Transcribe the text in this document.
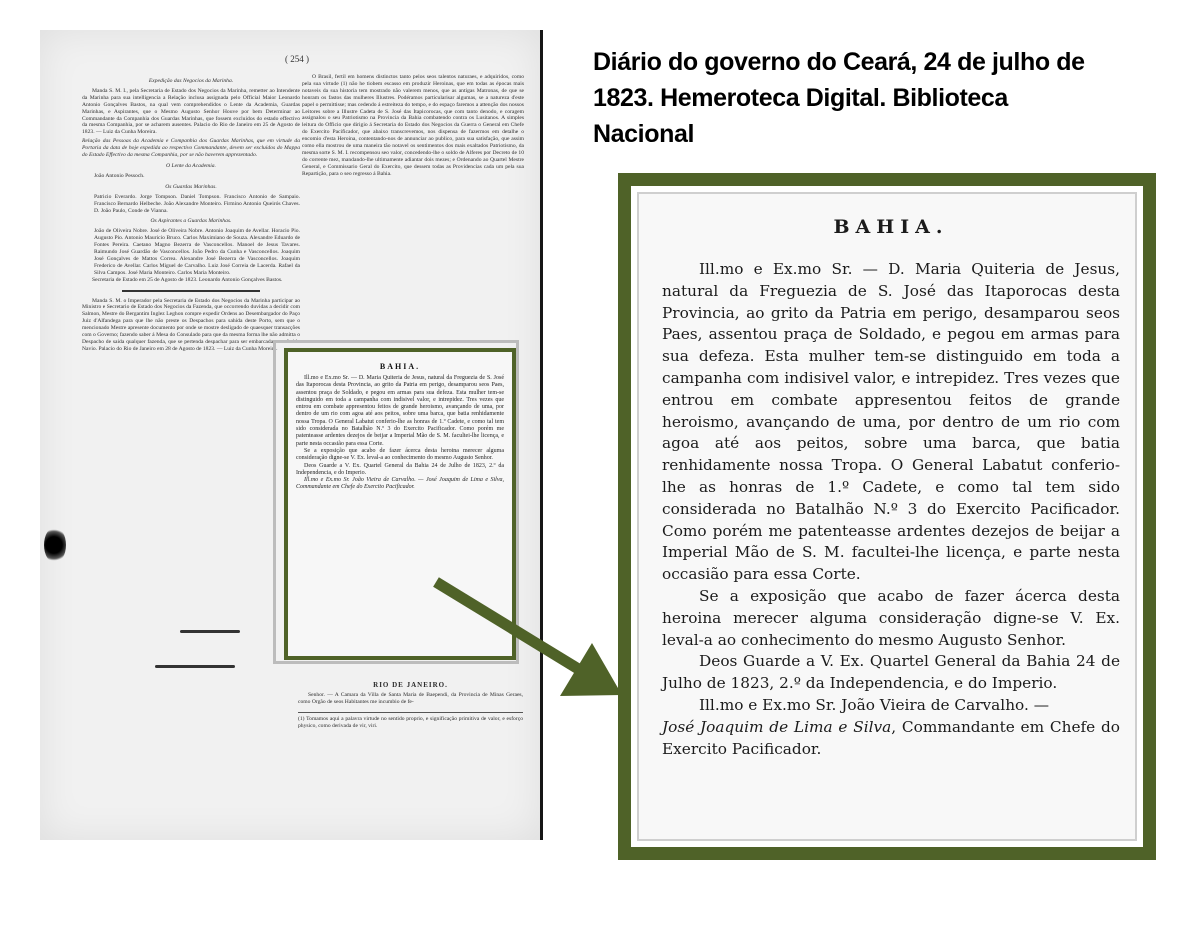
( 254 )
Expedição das Negocios da Marinha.
Manda S. M. I., pela Secretaria de Estado dos Negocios da Marinha, remetter ao Intendente da Marinha para sua intelligencia a Relação inclusa assignada pelo Official Maior Leonardo Antonio Gonçalves Bastos, na qual vem comprehendidos o Lente da Academia, Guardas Marinhas, e Aspirantes, que o Mesmo Augusto Senhor Houve por bem Determinar ao Commandante da Companhia dos Guardas Marinhas, que fossem excluidos do estado effectivo da mesma Companhia, por se acharem ausentes. Palacio do Rio de Janeiro em 25 de Agosto de 1823. — Luiz da Cunha Moreira.
Relação das Pessoas da Academia e Companhia dos Guardas Marinhas, que em virtude da Portaria da data de hoje expedida ao respectivo Commandante, devem ser excluidos do Mappa do Estado Effectivo da mesma Companhia, por se não haverem apprezentado.
O Lente da Academia.
João Antonio Pessoch.
Os Guardas Marinhas.
Patricio Everardo. Jorge Tompson. Daniel Tompson. Francisco Antonio de Sampaio. Francisco Bernardo Helbeche. João Alexandre Monteiro. Firmino Antonio Queirós Chaves. D. João Paulo, Conde de Vianna.
Os Aspirantes a Guardas Marinhas.
João de Oliveira Nobre. José de Oliveira Nobre. Antonio Joaquim de Avellar. Horacio Pio. Augusto Pio. Antonio Mauricio Bruco. Carlos Maximiano de Souza. Alexandre Eduardo de Fontes Pereira. Caetano Magno Bezerra de Vasconcellos. Manoel de Jesus Tavares. Raimundo José Guardão de Vasconcellos. João Pedro da Cunha e Vasconcellos. Joaquim José Gonçalves de Mattos Correa. Alexandre José Bezerra de Vasconcellos. Joaquim Frederico de Avellar. Carlos Miguel de Carvalho. Luiz José Correia de Lacerda. Rafael da Silva Campos. José Maria Monteiro. Carlos Maria Monteiro.
Secretaria de Estado em 25 de Agosto de 1823. Leonardo Antonio Gonçalves Bastos.
Manda S. M. o Imperador pela Secretaria de Estado dos Negocios da Marinha participar ao Ministro e Secretario de Estado dos Negocios da Fazenda, que occorrendo duvidas a decidir com Salmon, Mestre do Bergantim Inglez Leghon compre expedir Ordens ao Desembargador do Paço Juiz d'Alfandega para que lhe não preste os Despachos para sahida deste Porto, sem que o mencionado Mestre apresente documento por onde se mostre desligado de quaesquer transacções com o Governo; fazendo saber á Mesa do Consulado para que da mesma forma lhe não admitta o Despacho de saida qualquer fazenda, que se pertenda despachar para ser embarcada no referido Navio. Palacio do Rio de Janeiro em 28 de Agosto de 1823. — Luiz da Cunha Moreira.
O Brasil, fertil em homens distinctos tanto pelos seos talentos naturaes, e adquiridos, como pela sua virtude (1) não he tiobem escasso em produzir Heroinas, que em todas as épocas mais notaveis da sua historia tem mostrado não valerem menos, que as antigas Matronas, de que se honram os fastos das mulheres Illustres. Podéramos particularisar algumas, se a natureza d'este papel o permittisse; mas cedendo á estreiteza do tempo, e do espaço faremos a attenção dos nossos Leitores sobre a Illustre Cadeta de S. José das Itapicorocas, que com tanto denodo, e coragem assignalou o seu Patriotismo na Provincia da Bahia combatendo contra os Lusitanos. A simples leitura do Officio que dirigio á Secretaria do Estado dos Negocios da Guerra o General em Chefe do Exercito Pacificador, que abaixo transcrevemos, nos dispensa de fazermos em detalhe o encomio d'esta Heroina, contentando-nos de annunciar ao publico, para sua satisfação, que assim como ella mostrou de uma maneira tão notavel os sentimentos dos mais exaltados Patriotismo, da mesma sorte S. M. I. recompensou seo valor, concedendo-lhe o soldo de Alferes por Decreto de 10 do corrente mez, mandando-lhe ultimamente adiantar dois mezes; e Ordenando ao Quartel Mestre General, e Commissario Geral do Exercito, que dessem todas as Providencias cada um pela sua Repartição, para o seo regresso á Bahia.
RIO DE JANEIRO.
Senhor. — A Camara da Villa de Santa Maria de Baependi, da Provincia de Minas Geraes, como Orgão de seos Habitantes me incumbio de fe-
(1) Tomamos aqui a palavra virtude no sentido proprio, e significação primitiva de valor, e esforço physico, como derivada de vir, viri.
BAHIA.
Ill.mo e Ex.mo Sr. — D. Maria Quiteria de Jesus, natural da Freguezia de S. José das Itaporocas desta Provincia, ao grito da Patria em perigo, desamparou seos Paes, assentou praça de Soldado, e pegou em armas para sua defeza. Esta mulher tem-se distinguido em toda a campanha com indisivel valor, e intrepidez. Tres vezes que entrou em combate appresentou feitos de grande heroismo, avançando de uma, por dentro de um rio com agoa até aos peitos, sobre uma barca, que batia renhidamente nossa Tropa. O General Labatut conferio-lhe as honras de 1.º Cadete, e como tal tem sido considerada no Batalhão N.º 3 do Exercito Pacificador. Como porém me patenteasse ardentes dezejos de beijar a Imperial Mão de S. M. facultei-lhe licença, e parte nesta occasião para essa Corte.
Se a exposição que acabo de fazer ácerca desta heroina merecer alguma consideração digne-se V. Ex. leval-a ao conhecimento do mesmo Augusto Senhor.
Deos Guarde a V. Ex. Quartel General da Bahia 24 de Julho de 1823, 2.º da Independencia, e do Imperio.
Ill.mo e Ex.mo Sr. João Vieira de Carvalho. — José Joaquim de Lima e Silva, Commandante em Chefe do Exercito Pacificador.
Diário do governo do Ceará, 24 de julho de
1823. Hemeroteca Digital. Biblioteca
Nacional

BAHIA.

Ill.mo e Ex.mo Sr. — D. Maria Quiteria de Jesus, natural da Freguezia de S. José das Itaporocas desta Provincia, ao grito da Patria em perigo, desamparou seos Paes, assentou praça de Soldado, e pegou em armas para sua defeza. Esta mulher tem-se distinguido em toda a campanha com indisivel valor, e intrepidez. Tres vezes que entrou em combate appresentou feitos de grande heroismo, avançando de uma, por dentro de um rio com agoa até aos peitos, sobre uma barca, que batia renhidamente nossa Tropa. O General Labatut conferio-lhe as honras de 1.º Cadete, e como tal tem sido considerada no Batalhão N.º 3 do Exercito Pacificador. Como porém me patenteasse ardentes dezejos de beijar a Imperial Mão de S. M. facultei-lhe licença, e parte nesta occasião para essa Corte.

Se a exposição que acabo de fazer ácerca desta heroina merecer alguma consideração digne-se V. Ex. leval-a ao conhecimento do mesmo Augusto Senhor.

Deos Guarde a V. Ex. Quartel General da Bahia 24 de Julho de 1823, 2.º da Independencia, e do Imperio.

Ill.mo e Ex.mo Sr. João Vieira de Carvalho. —
José Joaquim de Lima e Silva, Commandante em Chefe do Exercito Pacificador.
